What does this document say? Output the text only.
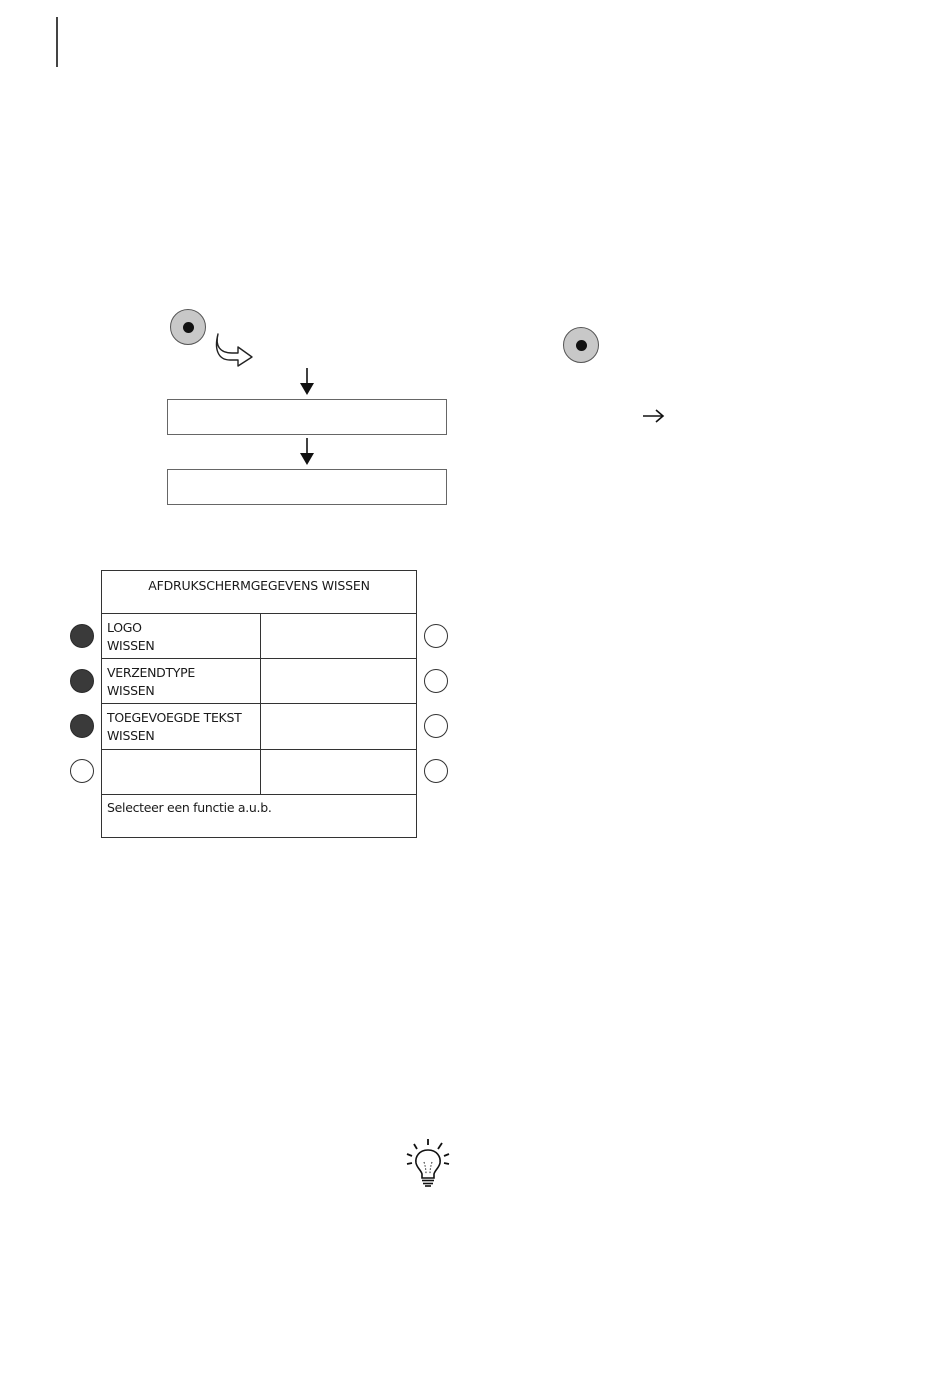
AFDRUKSCHERMGEGEVENS WISSEN
LOGO
WISSEN
VERZENDTYPE
WISSEN
TOEGEVOEGDE TEKST
WISSEN
Selecteer een functie a.u.b.
